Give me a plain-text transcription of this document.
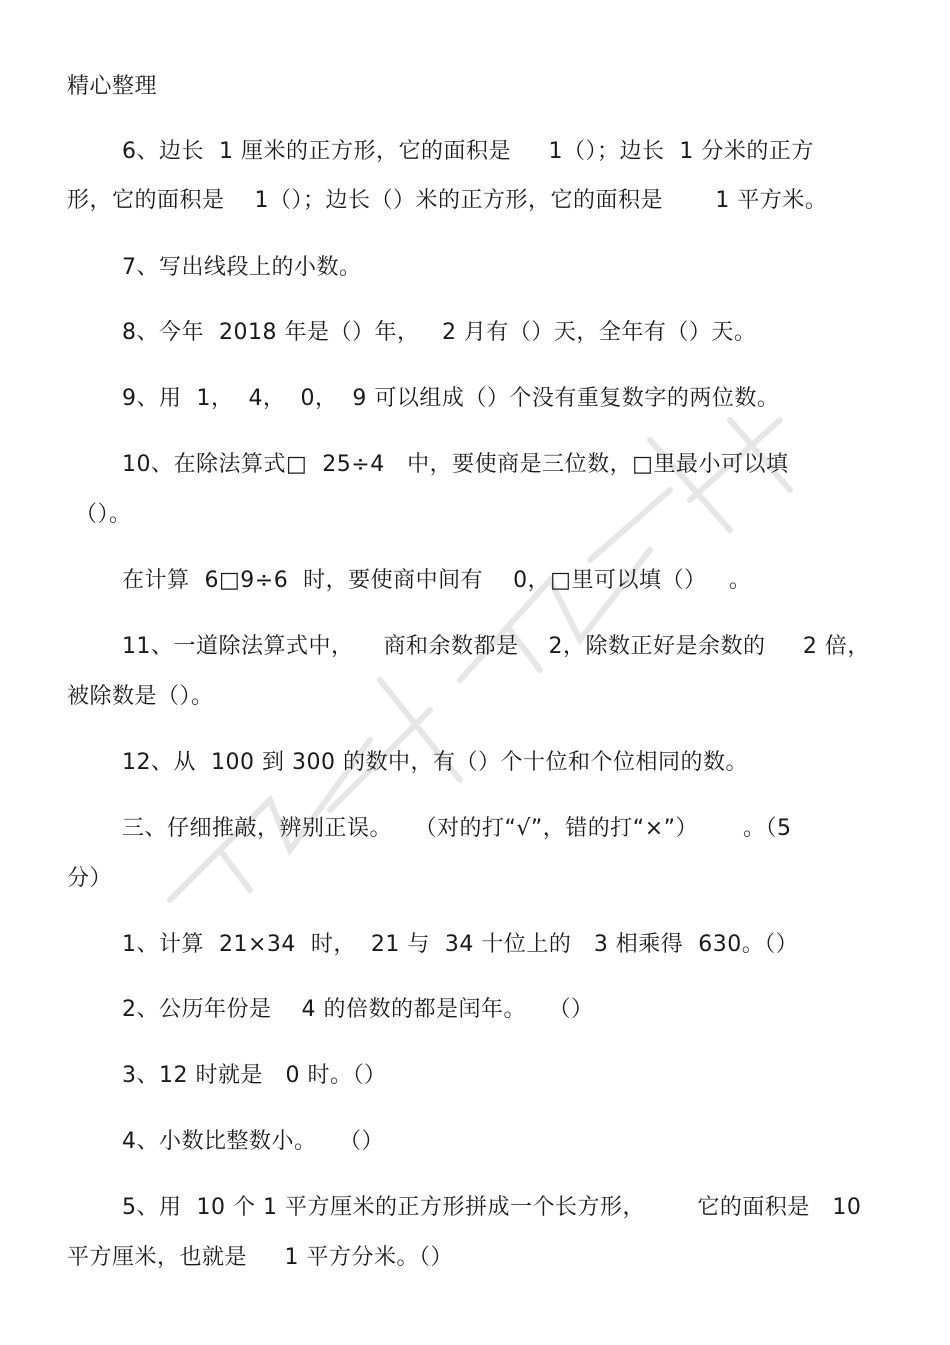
精心整理
6、边长  1 厘米的正方形，它的面积是     1（）；边长  1 分米的正方
形，它的面积是    1（）；边长（）米的正方形，它的面积是       1 平方米。
7、写出线段上的小数。
8、今年  2018 年是（）年，   2 月有（）天，全年有（）天。
9、用  1，  4，  0，  9 可以组成（）个没有重复数字的两位数。
10、在除法算式□  25÷4   中，要使商是三位数，□里最小可以填
（）。
在计算  6□9÷6  时，要使商中间有    0，□里可以填（）   。
11、一道除法算式中，    商和余数都是    2，除数正好是余数的     2 倍，
被除数是（）。
12、从  100 到 300 的数中，有（）个十位和个位相同的数。
三、仔细推敲，辨别正误。   （对的打“√”，错的打“×”）      。（5
分）
1、计算  21×34  时，  21 与  34 十位上的   3 相乘得  630。（）
2、公历年份是    4 的倍数的都是闰年。   （）
3、12 时就是   0 时。（）
4、小数比整数小。   （）
5、用  10 个 1 平方厘米的正方形拼成一个长方形，       它的面积是   10
平方厘米，也就是     1 平方分米。（）
